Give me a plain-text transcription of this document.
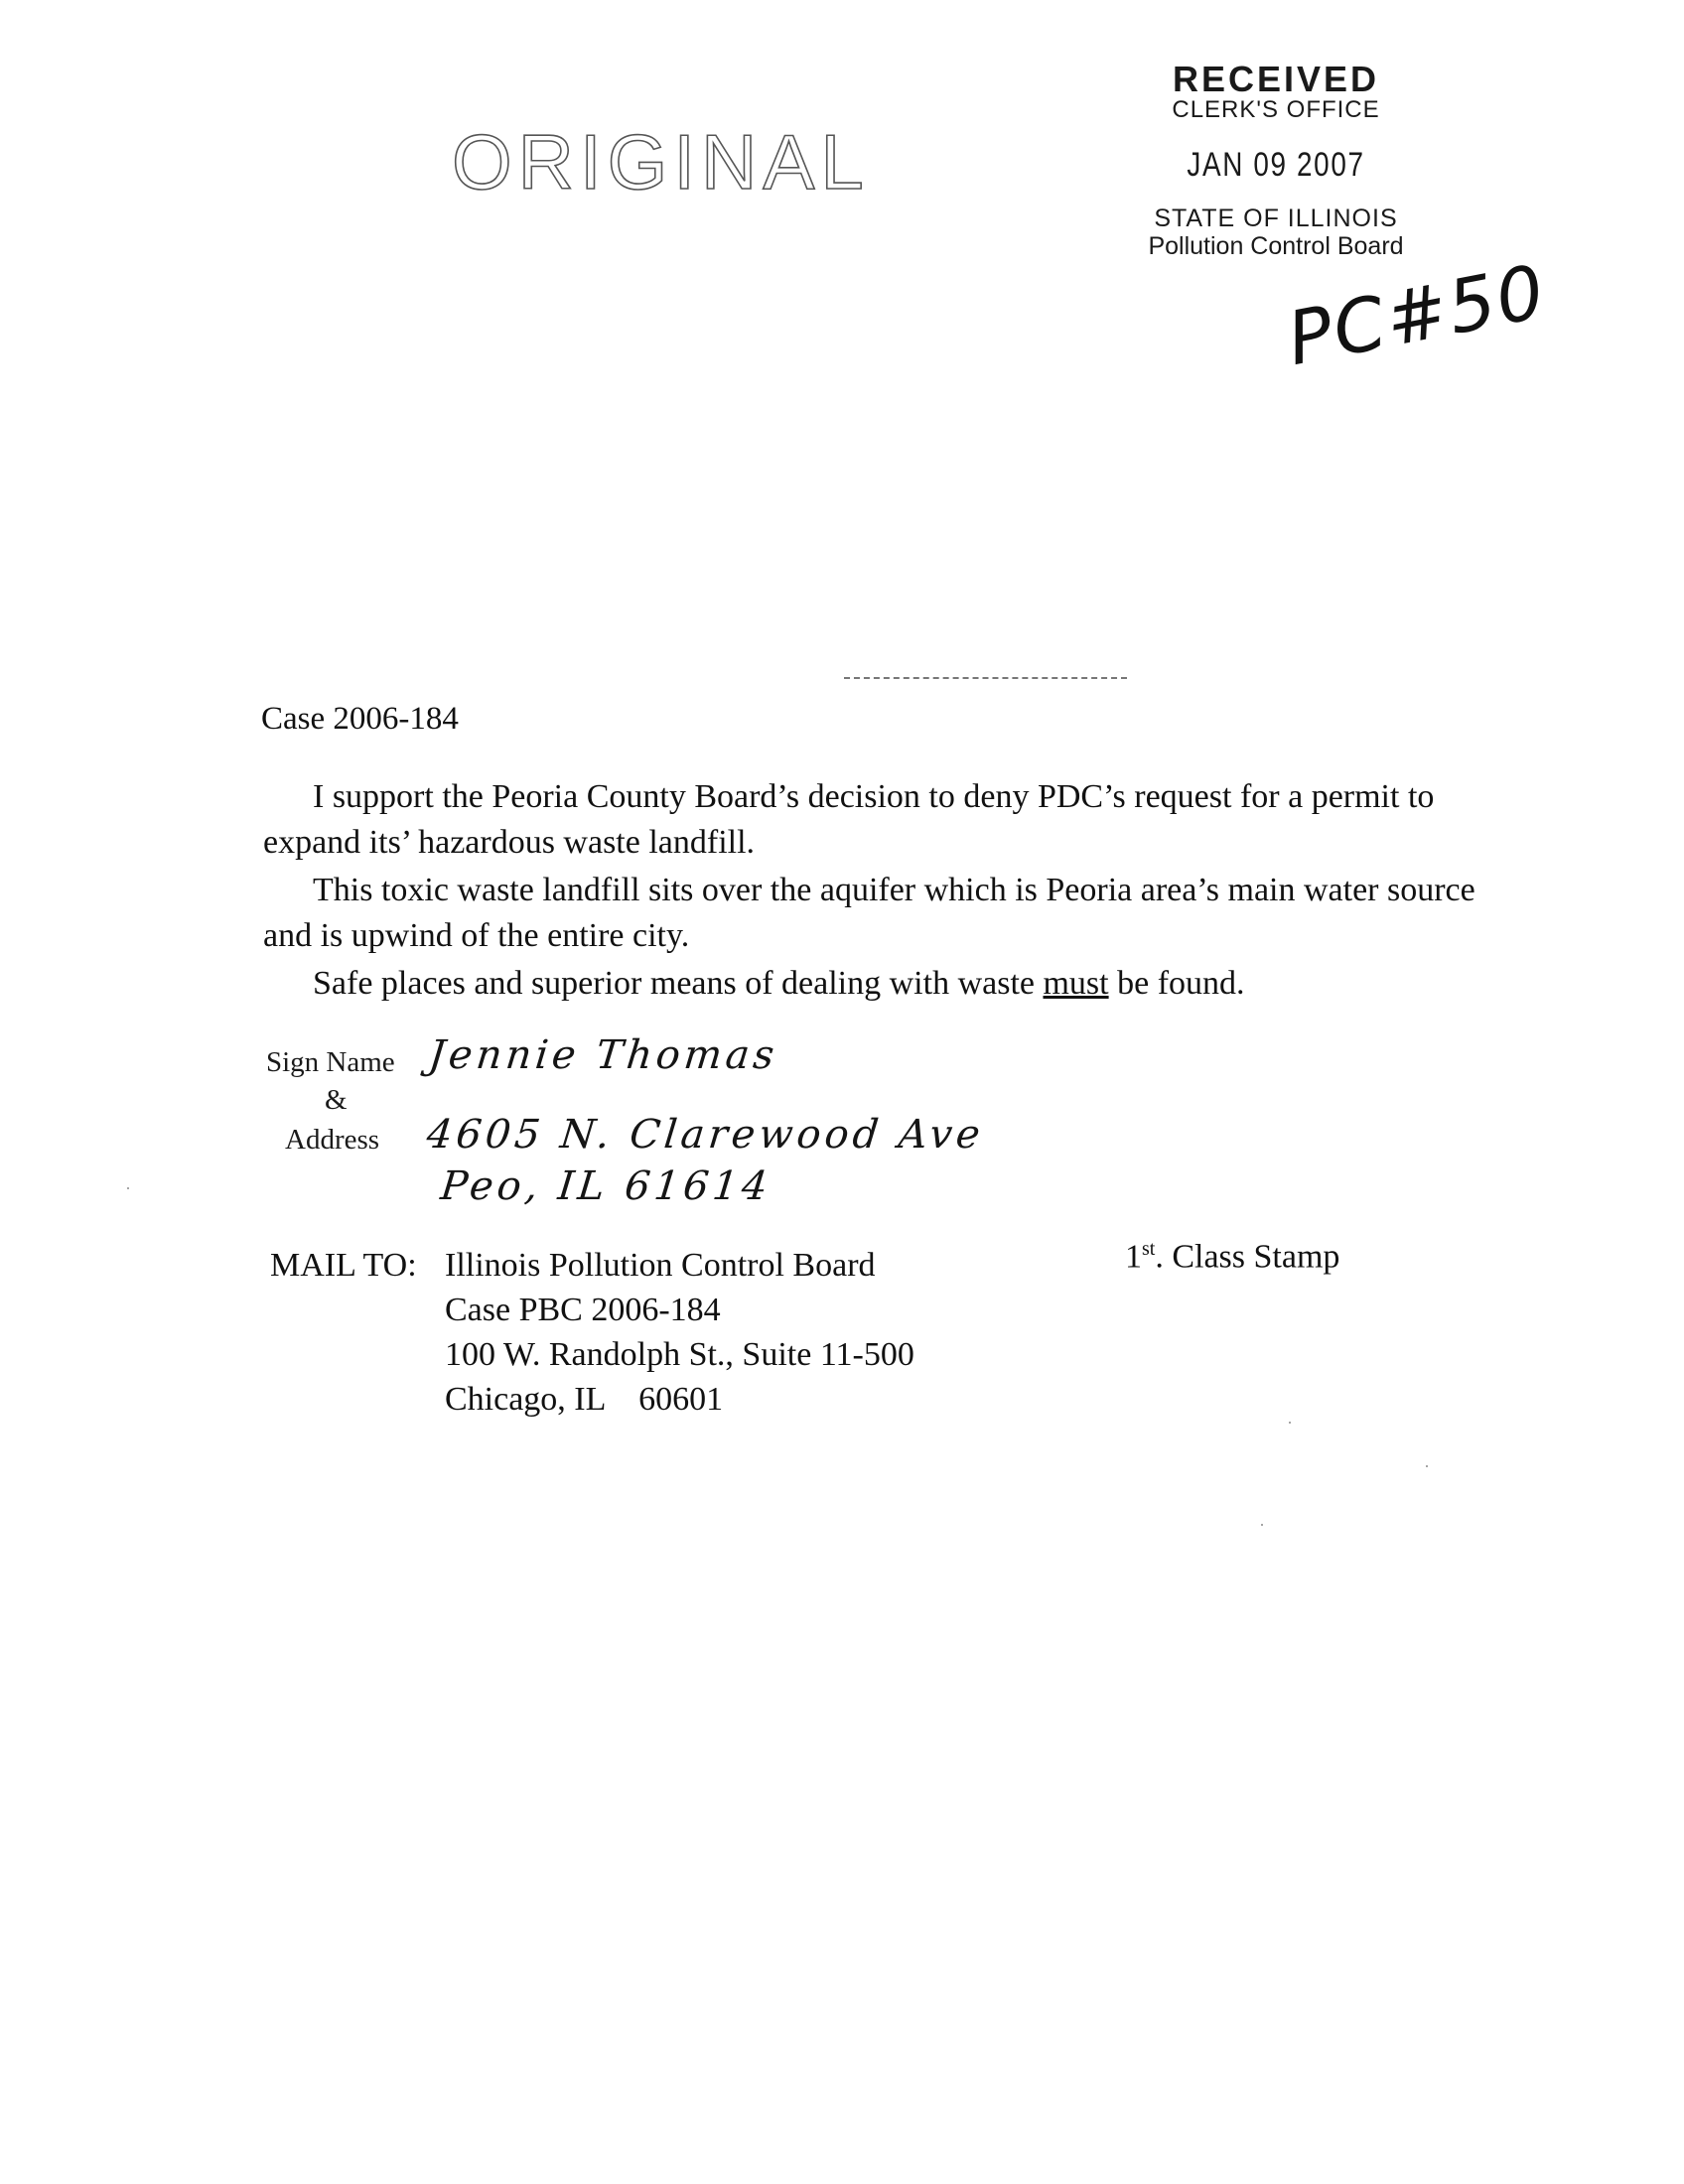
ORIGINAL
RECEIVED
CLERK'S OFFICE
JAN 09 2007
STATE OF ILLINOIS
Pollution Control Board
PC#50
Case 2006-184

I support the Peoria County Board’s decision to deny PDC’s request for a permit to expand its’ hazardous waste landfill.

This toxic waste landfill sits over the aquifer which is Peoria area’s main water source and is upwind of the entire city.

Safe places and superior means of dealing with waste must be found.

Sign Name
&
Address
Jennie Thomas
4605 N. Clarewood Ave
Peo, IL 61614
MAIL TO: Illinois Pollution Control Board
Case PBC 2006-184
100 W. Randolph St., Suite 11-500
Chicago, IL    60601
1st. Class Stamp
